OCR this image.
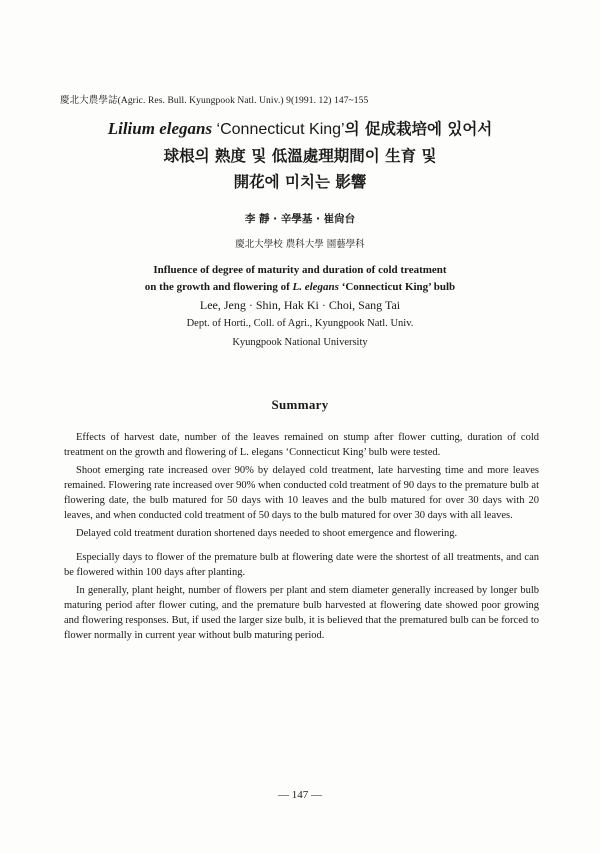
慶北大農學誌(Agric. Res. Bull. Kyungpook Natl. Univ.) 9(1991. 12) 147~155
Lilium elegans ‘Connecticut King’의 促成栽培에 있어서
球根의 熟度 및 低溫處理期間이 生育 및
開花에 미치는 影響
李 靜 · 辛學基 · 崔尙台
慶北大學校 農科大學 園藝學科
Influence of degree of maturity and duration of cold treatment
on the growth and flowering of L. elegans ‘Connecticut King’ bulb
Lee, Jeng · Shin, Hak Ki · Choi, Sang Tai
Dept. of Horti., Coll. of Agri., Kyungpook Natl. Univ.
Kyungpook National University
Summary

Effects of harvest date, number of the leaves remained on stump after flower cutting, duration of cold treatment on the growth and flowering of L. elegans ‘Connecticut King’ bulb were tested.

Shoot emerging rate increased over 90% by delayed cold treatment, late harvesting time and more leaves remained. Flowering rate increased over 90% when conducted cold treatment of 90 days to the premature bulb at flowering date, the bulb matured for 50 days with 10 leaves and the bulb matured for over 30 days with 20 leaves, and when conducted cold treatment of 50 days to the bulb matured for over 30 days with all leaves.

Delayed cold treatment duration shortened days needed to shoot emergence and flowering.

Especially days to flower of the premature bulb at flowering date were the shortest of all treatments, and can be flowered within 100 days after planting.

In generally, plant height, number of flowers per plant and stem diameter generally increased by longer bulb maturing period after flower cuting, and the premature bulb harvested at flowering date showed poor growing and flowering responses. But, if used the larger size bulb, it is believed that the prematured bulb can be forced to flower normally in current year without bulb maturing period.

— 147 —
